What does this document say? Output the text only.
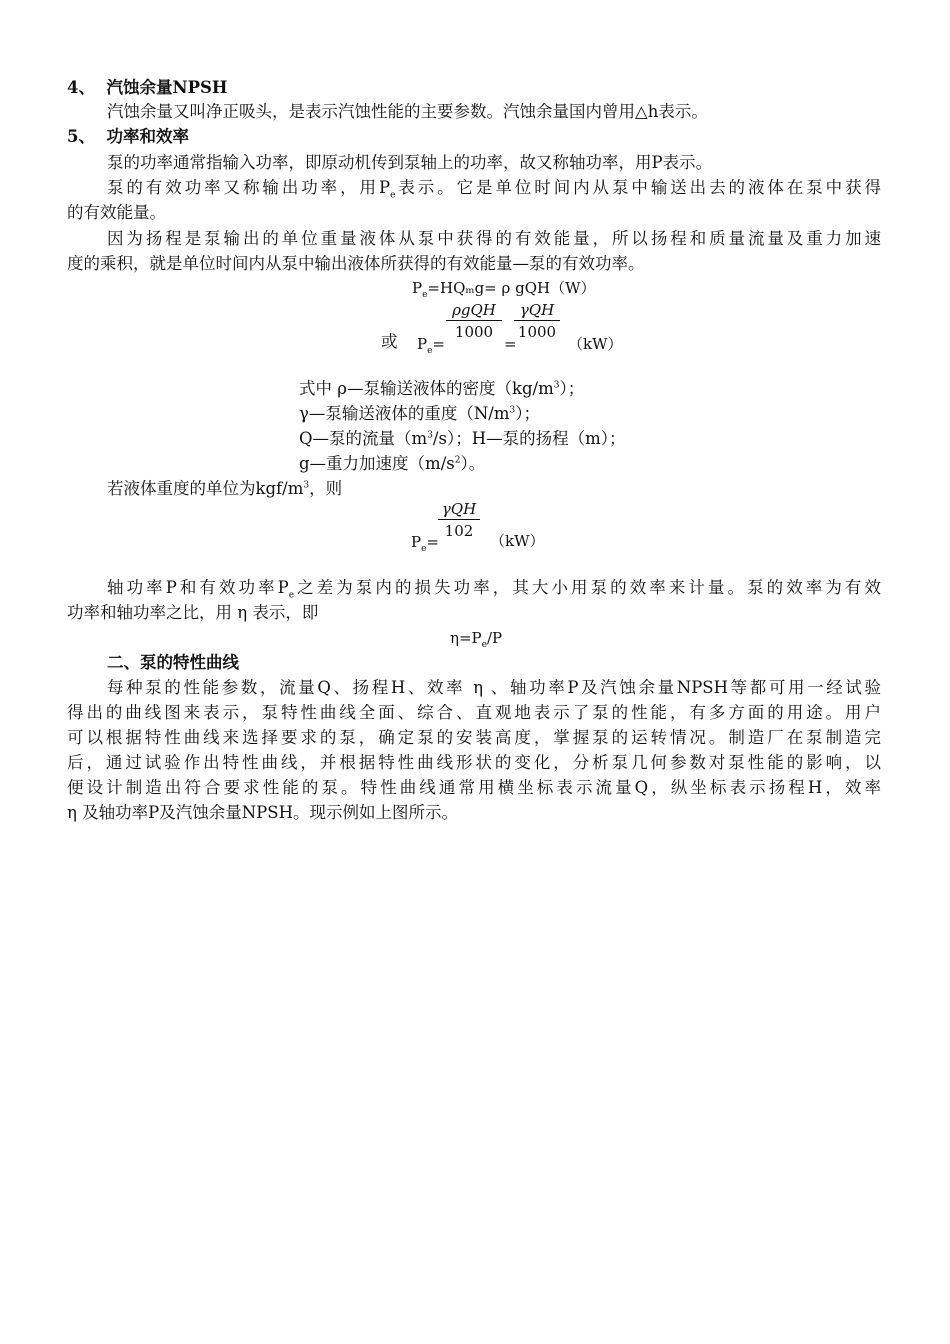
4、 汽蚀余量NPSH
汽蚀余量又叫净正吸头，是表示汽蚀性能的主要参数。汽蚀余量国内曾用△h表示。
5、 功率和效率
泵的功率通常指输入功率，即原动机传到泵轴上的功率，故又称轴功率，用P表示。
泵的有效功率又称输出功率，用$P_e$表示。它是单位时间内从泵中输送出去的液体在泵中获得
的有效能量。
因为扬程是泵输出的单位重量液体从泵中获得的有效能量，所以扬程和质量流量及重力加速
度的乘积，就是单位时间内从泵中输出液体所获得的有效能量—泵的有效功率。
$P_e=HQ_mg= \rho$ gQH（W）
或 $P_e=$
ρgQH
1000
=
γQH
1000
（kW）
式中 ρ—泵输送液体的密度$(kg/m^3)$；
γ—泵输送液体的重度$(N/m^3)$；
Q—泵的流量$(m^3/s)$；H—泵的扬程（m）；
g—重力加速度$(m/s^2)$。
若液体重度的单位为kgf/$m^3$，则
γQH
102
$P_e=$	（kW）
轴功率P和有效功率$P_e$之差为泵内的损失功率，其大小用泵的效率来计量。泵的效率为有效
功率和轴功率之比，用 η 表示，即
$\eta=P_e/P$
二、泵的特性曲线
每种泵的性能参数，流量Q、扬程H、效率 η 、轴功率P及汽蚀余量NPSH等都可用一经试验
得出的曲线图来表示，泵特性曲线全面、综合、直观地表示了泵的性能，有多方面的用途。用户
可以根据特性曲线来选择要求的泵，确定泵的安装高度，掌握泵的运转情况。制造厂在泵制造完
后，通过试验作出特性曲线，并根据特性曲线形状的变化，分析泵几何参数对泵性能的影响，以
便设计制造出符合要求性能的泵。特性曲线通常用横坐标表示流量Q，纵坐标表示扬程H，效率
η 及轴功率P及汽蚀余量NPSH。现示例如上图所示。
